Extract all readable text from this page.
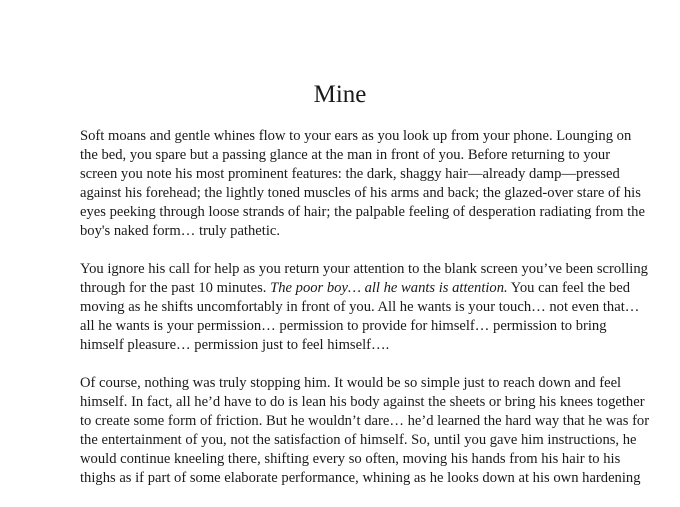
Mine

Soft moans and gentle whines flow to your ears as you look up from your phone. Lounging on
the bed, you spare but a passing glance at the man in front of you. Before returning to your
screen you note his most prominent features: the dark, shaggy hair—already damp—pressed
against his forehead; the lightly toned muscles of his arms and back; the glazed-over stare of his
eyes peeking through loose strands of hair; the palpable feeling of desperation radiating from the
boy's naked form… truly pathetic.

You ignore his call for help as you return your attention to the blank screen you’ve been scrolling
through for the past 10 minutes. The poor boy… all he wants is attention. You can feel the bed
moving as he shifts uncomfortably in front of you. All he wants is your touch… not even that…
all he wants is your permission… permission to provide for himself… permission to bring
himself pleasure… permission just to feel himself….

Of course, nothing was truly stopping him. It would be so simple just to reach down and feel
himself. In fact, all he’d have to do is lean his body against the sheets or bring his knees together
to create some form of friction. But he wouldn’t dare… he’d learned the hard way that he was for
the entertainment of you, not the satisfaction of himself. So, until you gave him instructions, he
would continue kneeling there, shifting every so often, moving his hands from his hair to his
thighs as if part of some elaborate performance, whining as he looks down at his own hardening
